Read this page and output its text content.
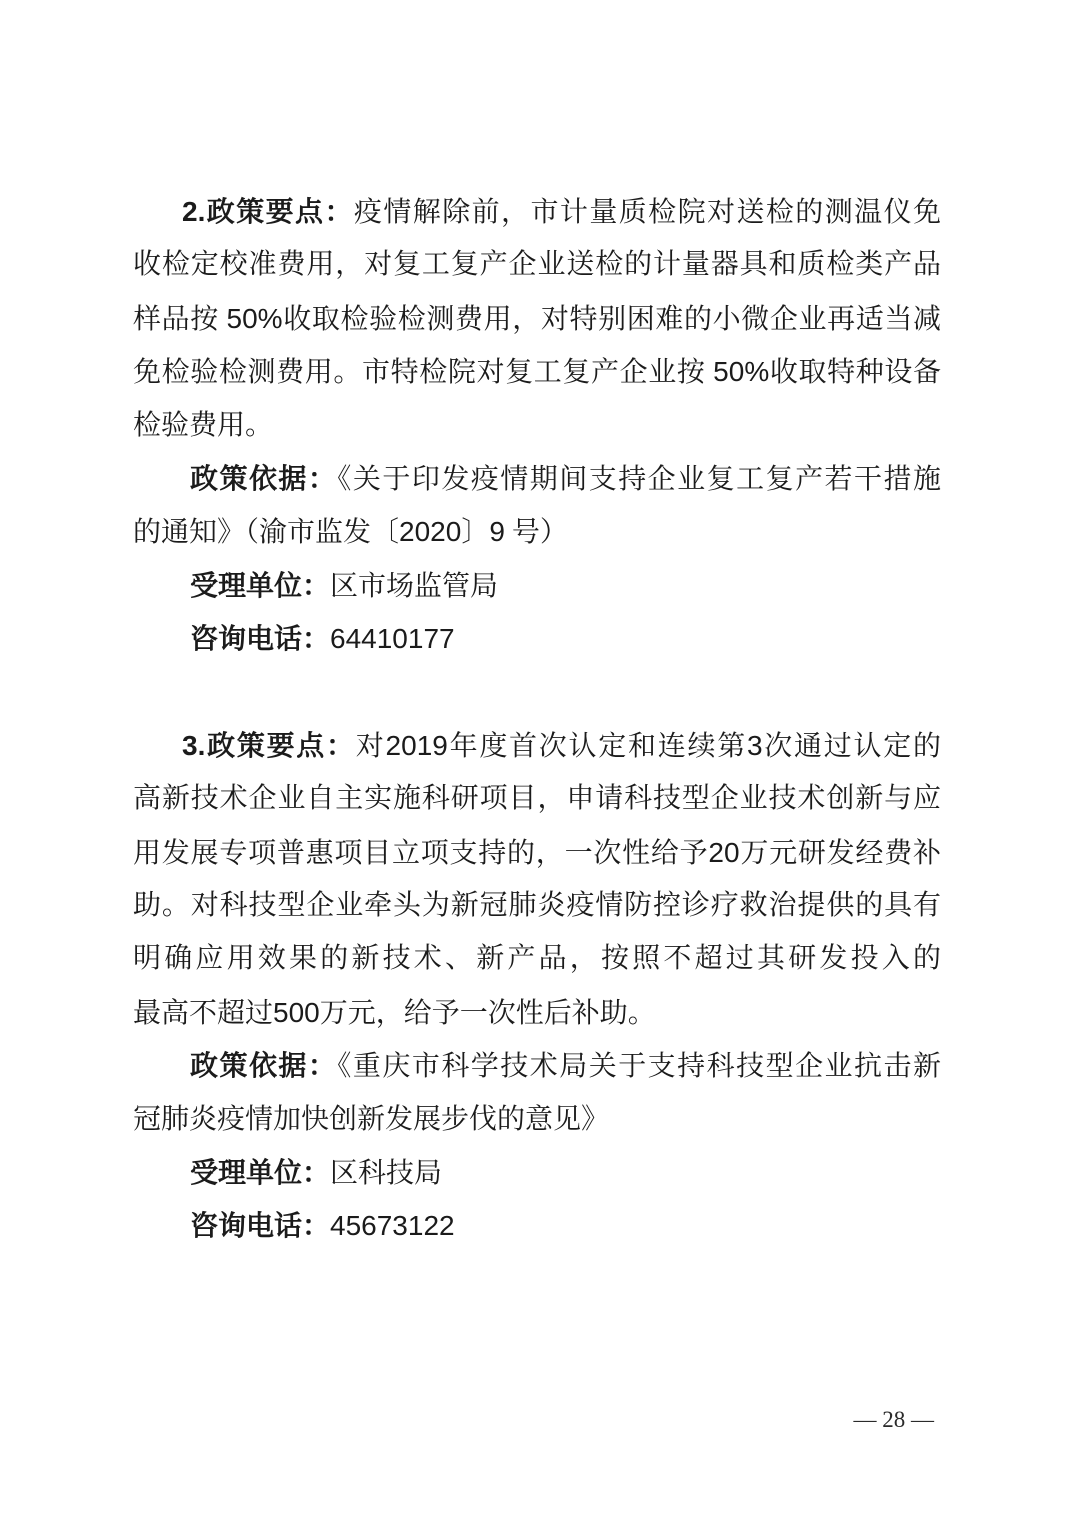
2.政策要点：疫情解除前，市计量质检院对送检的测温仪免
收检定校准费用，对复工复产企业送检的计量器具和质检类产品
样品按 50%收取检验检测费用，对特别困难的小微企业再适当减
免检验检测费用。市特检院对复工复产企业按 50%收取特种设备
检验费用。
政策依据：《关于印发疫情期间支持企业复工复产若干措施
的通知》（渝市监发〔2020〕9 号）
受理单位：区市场监管局
咨询电话：64410177
3.政策要点：对2019年度首次认定和连续第3次通过认定的
高新技术企业自主实施科研项目，申请科技型企业技术创新与应
用发展专项普惠项目立项支持的，一次性给予20万元研发经费补
助。对科技型企业牵头为新冠肺炎疫情防控诊疗救治提供的具有
明确应用效果的新技术、新产品，按照不超过其研发投入的
最高不超过500万元，给予一次性后补助。
政策依据：《重庆市科学技术局关于支持科技型企业抗击新
冠肺炎疫情加快创新发展步伐的意见》
受理单位：区科技局
咨询电话：45673122
— 28 —
